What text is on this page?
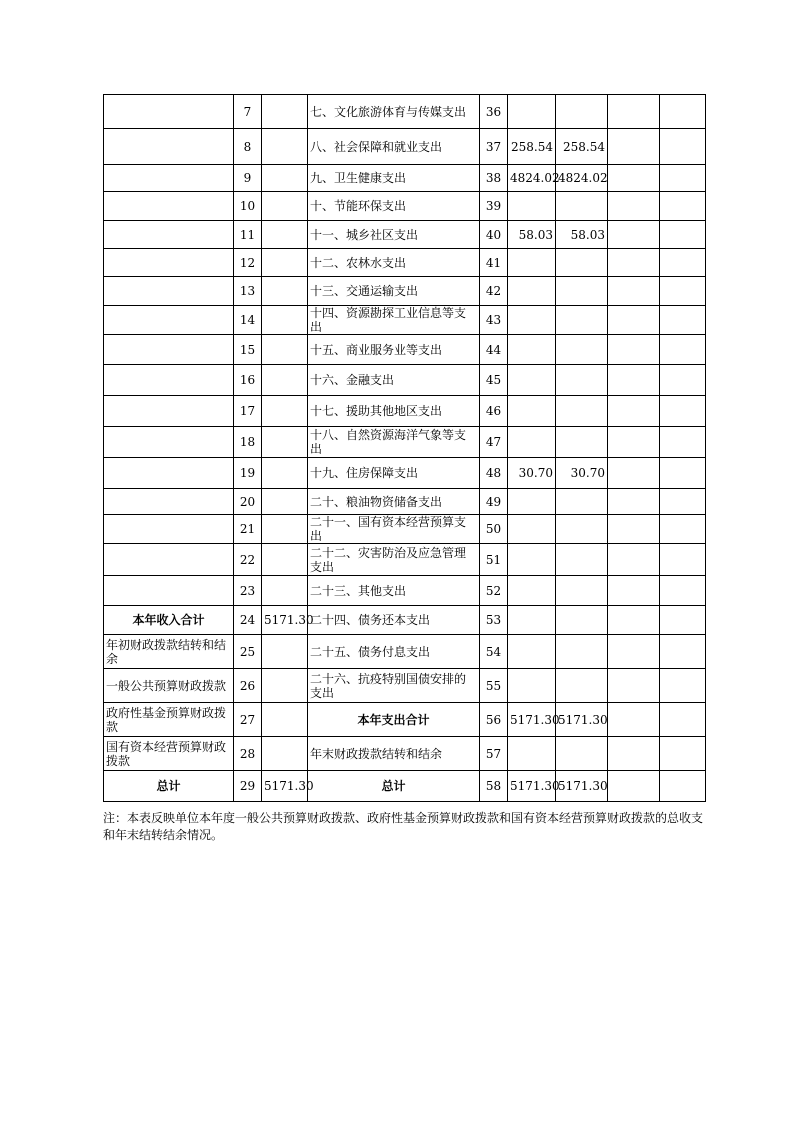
	7		七、文化旅游体育与传媒支出	36				
	8		八、社会保障和就业支出	37	258.54	258.54		
	9		九、卫生健康支出	38	4824.02	4824.02		
	10		十、节能环保支出	39				
	11		十一、城乡社区支出	40	58.03	58.03		
	12		十二、农林水支出	41				
	13		十三、交通运输支出	42				
	14		十四、资源勘探工业信息等支出	43				
	15		十五、商业服务业等支出	44				
	16		十六、金融支出	45				
	17		十七、援助其他地区支出	46				
	18		十八、自然资源海洋气象等支出	47				
	19		十九、住房保障支出	48	30.70	30.70		
	20		二十、粮油物资储备支出	49				
	21		二十一、国有资本经营预算支出	50				
	22		二十二、灾害防治及应急管理支出	51				
	23		二十三、其他支出	52				
本年收入合计	24	5171.30	二十四、债务还本支出	53				
年初财政拨款结转和结余	25		二十五、债务付息支出	54				
一般公共预算财政拨款	26		二十六、抗疫特别国债安排的支出	55				
政府性基金预算财政拨款	27		本年支出合计	56	5171.30	5171.30		
国有资本经营预算财政拨款	28		年末财政拨款结转和结余	57				
总计	29	5171.30	总计	58	5171.30	5171.30		
注：本表反映单位本年度一般公共预算财政拨款、政府性基金预算财政拨款和国有资本经营预算财政拨款的总收支和年末结转结余情况。
